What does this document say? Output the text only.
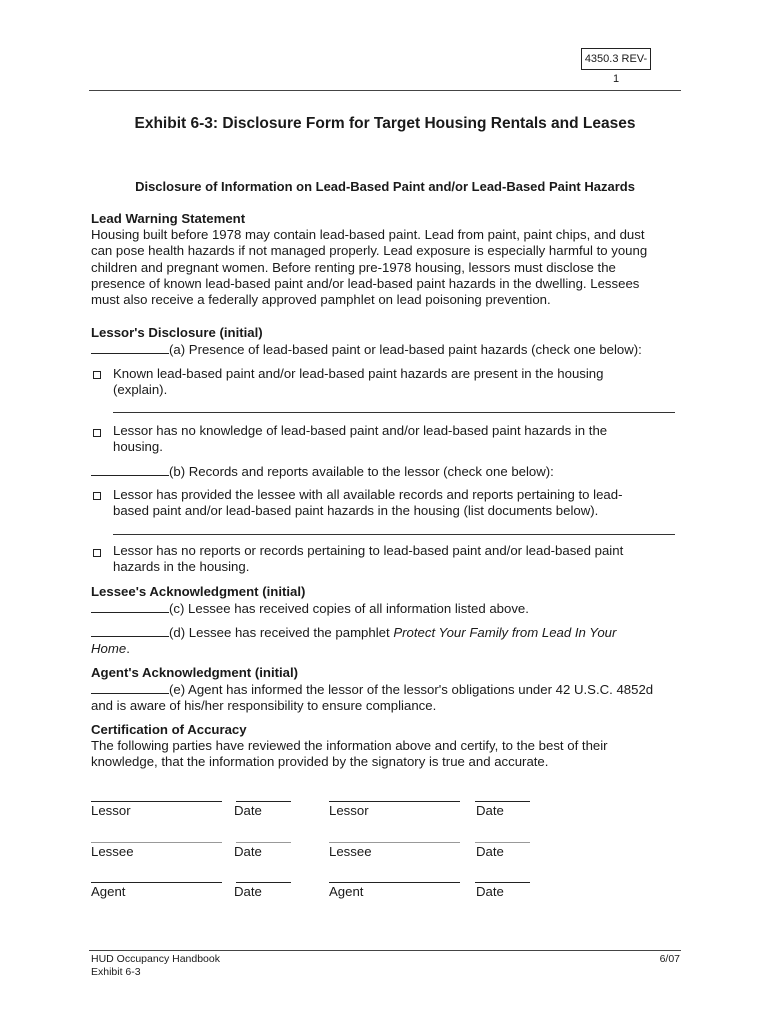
4350.3 REV-1
Exhibit 6-3: Disclosure Form for Target Housing Rentals and Leases
Disclosure of Information on Lead-Based Paint and/or Lead-Based Paint Hazards
Lead Warning Statement
Housing built before 1978 may contain lead-based paint. Lead from paint, paint chips, and dust
can pose health hazards if not managed properly. Lead exposure is especially harmful to young
children and pregnant women. Before renting pre-1978 housing, lessors must disclose the
presence of known lead-based paint and/or lead-based paint hazards in the dwelling. Lessees
must also receive a federally approved pamphlet on lead poisoning prevention.
Lessor's Disclosure (initial)
(a) Presence of lead-based paint or lead-based paint hazards (check one below):
Known lead-based paint and/or lead-based paint hazards are present in the housing
(explain).
Lessor has no knowledge of lead-based paint and/or lead-based paint hazards in the
housing.
(b) Records and reports available to the lessor (check one below):
Lessor has provided the lessee with all available records and reports pertaining to lead-
based paint and/or lead-based paint hazards in the housing (list documents below).
Lessor has no reports or records pertaining to lead-based paint and/or lead-based paint
hazards in the housing.
Lessee's Acknowledgment (initial)
(c) Lessee has received copies of all information listed above.
(d) Lessee has received the pamphlet Protect Your Family from Lead In Your
Home.
Agent's Acknowledgment (initial)
(e) Agent has informed the lessor of the lessor's obligations under 42 U.S.C. 4852d
and is aware of his/her responsibility to ensure compliance.
Certification of Accuracy
The following parties have reviewed the information above and certify, to the best of their
knowledge, that the information provided by the signatory is true and accurate.
Lessor	Date	Lessor	Date
Lessee	Date	Lessee	Date
Agent	Date	Agent	Date
HUD Occupancy Handbook
Exhibit 6-3
6/07
